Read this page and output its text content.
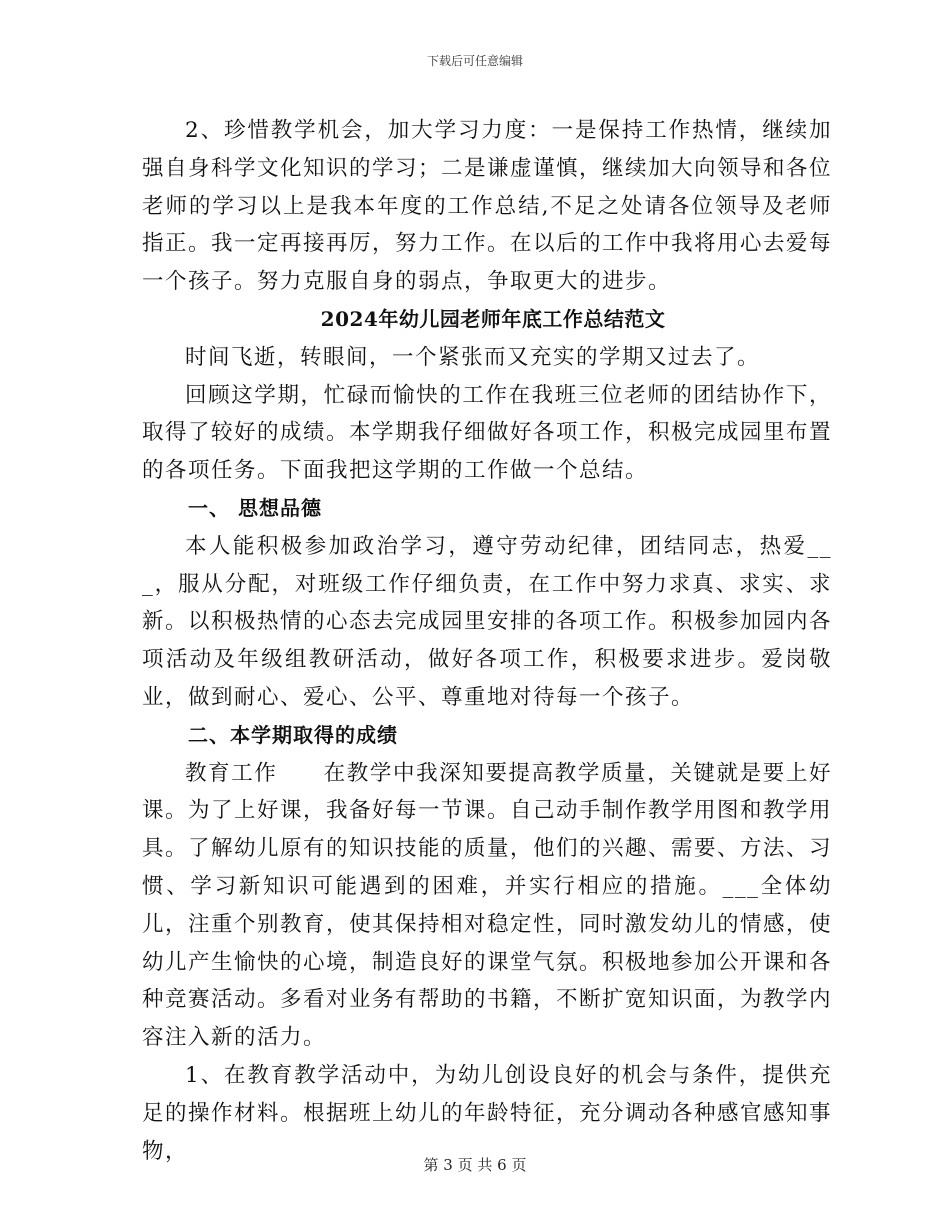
下载后可任意编辑

2、珍惜教学机会，加大学习力度：一是保持工作热情，继续加强自身科学文化知识的学习；二是谦虚谨慎，继续加大向领导和各位老师的学习以上是我本年度的工作总结,不足之处请各位领导及老师指正。我一定再接再厉，努力工作。在以后的工作中我将用心去爱每一个孩子。努力克服自身的弱点，争取更大的进步。

2024年幼儿园老师年底工作总结范文

时间飞逝，转眼间，一个紧张而又充实的学期又过去了。

回顾这学期，忙碌而愉快的工作在我班三位老师的团结协作下，取得了较好的成绩。本学期我仔细做好各项工作，积极完成园里布置的各项任务。下面我把这学期的工作做一个总结。

一、 思想品德

本人能积极参加政治学习，遵守劳动纪律，团结同志，热爱___，服从分配，对班级工作仔细负责，在工作中努力求真、求实、求新。以积极热情的心态去完成园里安排的各项工作。积极参加园内各项活动及年级组教研活动，做好各项工作，积极要求进步。爱岗敬业，做到耐心、爱心、公平、尊重地对待每一个孩子。

二、本学期取得的成绩

教育工作　　在教学中我深知要提高教学质量，关键就是要上好课。为了上好课，我备好每一节课。自己动手制作教学用图和教学用具。了解幼儿原有的知识技能的质量，他们的兴趣、需要、方法、习惯、学习新知识可能遇到的困难，并实行相应的措施。___全体幼儿，注重个别教育，使其保持相对稳定性，同时激发幼儿的情感，使幼儿产生愉快的心境，制造良好的课堂气氛。积极地参加公开课和各种竞赛活动。多看对业务有帮助的书籍，不断扩宽知识面，为教学内容注入新的活力。

1、在教育教学活动中，为幼儿创设良好的机会与条件，提供充足的操作材料。根据班上幼儿的年龄特征，充分调动各种感官感知事物，

第 3 页 共 6 页
